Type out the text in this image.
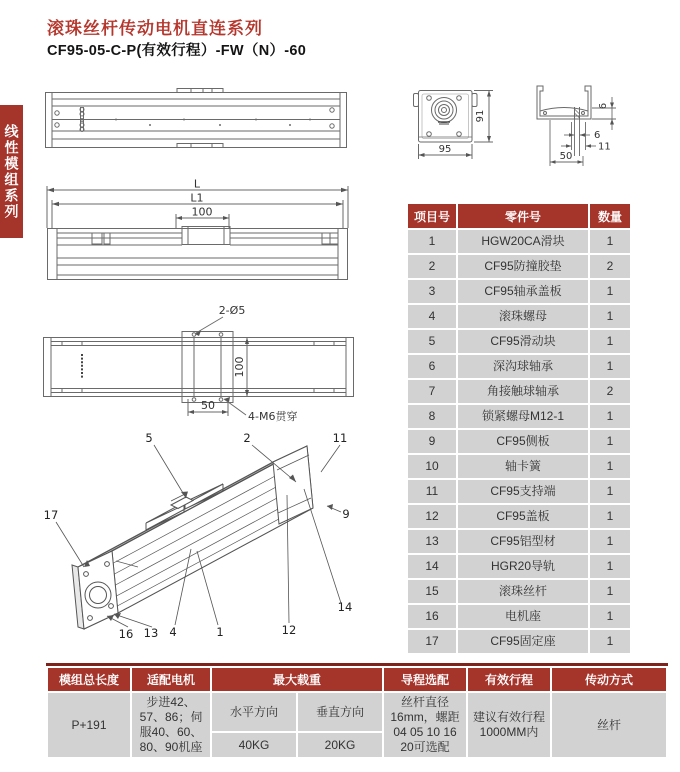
线性模组系列
滚珠丝杆传动电机直连系列
CF95-05-C-P(有效行程）-FW（N）-60
L
L1
100
2-Ø5
100
50
4-M6贯穿
5	2	11
17	9
14
16 13 4	1	12
95
91
6
6
11
50
项目号	零件号	数量
1	HGW20CA滑块	1
2	CF95防撞胶垫	2
3	CF95轴承盖板	1
4	滚珠螺母	1
5	CF95滑动块	1
6	深沟球轴承	1
7	角接触球轴承	2
8	锁紧螺母M12-1	1
9	CF95侧板	1
10	轴卡簧	1
11	CF95支持端	1
12	CF95盖板	1
13	CF95铝型材	1
14	HGR20导轨	1
15	滚珠丝杆	1
16	电机座	1
17	CF95固定座	1
模组总长度	适配电机	最大载重		导程选配	有效行程	传动方式
P+191	步进42、57、86；伺服40、60、80、90机座	水平方向	垂直方向	丝杆直径16mm，螺距04 05 10 16 20可选配	建议有效行程1000MM内	丝杆
		40KG	20KG			
